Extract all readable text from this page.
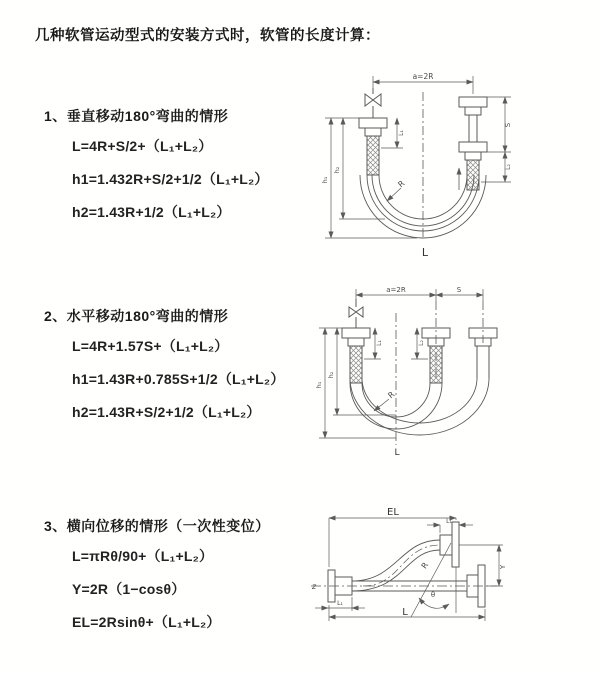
几种软管运动型式的安装方式时，软管的长度计算：
1、垂直移动180°弯曲的情形
L=4R+S/2+（L₁+L₂）
h1=1.432R+S/2+1/2（L₁+L₂）
h2=1.43R+1/2（L₁+L₂）
2、水平移动180°弯曲的情形
L=4R+1.57S+（L₁+L₂）
h1=1.43R+0.785S+1/2（L₁+L₂）
h2=1.43R+S/2+1/2（L₁+L₂）
3、横向位移的情形（一次性变位）
L=πRθ/90+（L₁+L₂）
Y=2R（1−cosθ）
EL=2Rsinθ+（L₁+L₂）
a=2R
L₁
S
L₂
h₁
h₂
R
L
a=2R	S
L₁	L₂
h₁
h₂
R
L
EL
L₁
Y
R
θ
L
L₁
z
